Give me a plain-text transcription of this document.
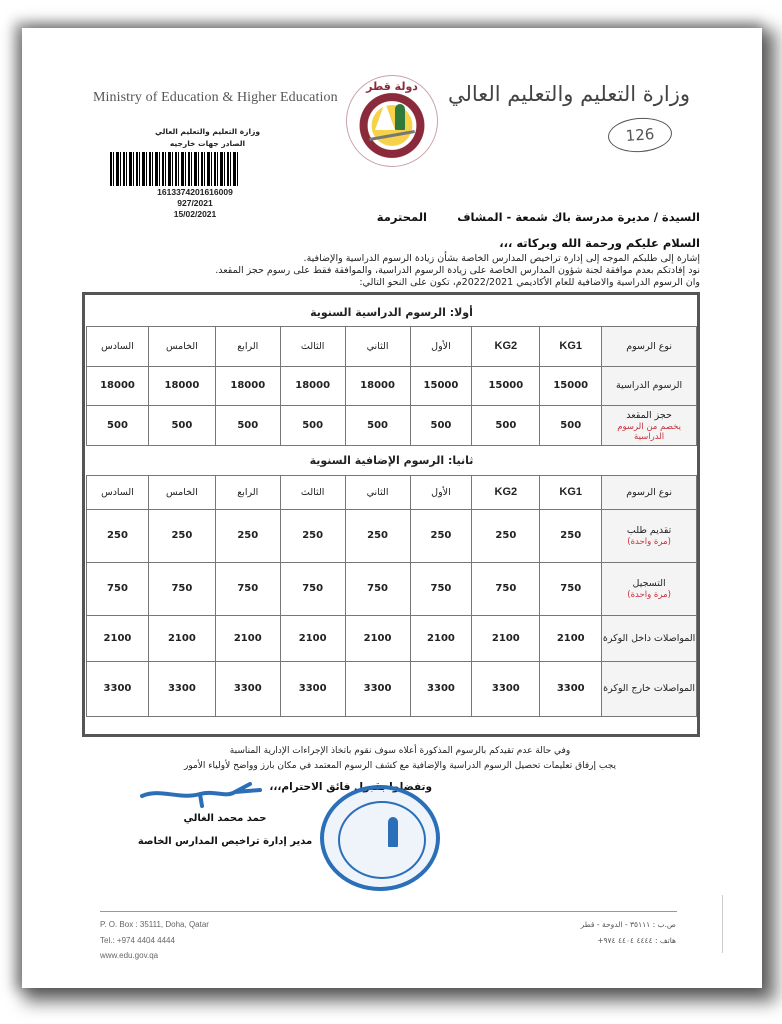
Ministry of Education & Higher Education	وزارة التعليم والتعليم العالي
126
دولة قطر
وزارة التعليم والتعليم العالي
الصادر جهات خارجيه
1613374201616009
927/2021
15/02/2021	السيدة / مديرة مدرسة باك شمعة - المشاف
المحترمة
السلام عليكم ورحمة الله وبركاته ،،،
إشارة إلى طلبكم الموجه إلى إدارة تراخيص المدارس الخاصة بشأن زيادة الرسوم الدراسية والإضافية.
نود إفادتكم بعدم موافقة لجنة شؤون المدارس الخاصة على زيادة الرسوم الدراسية، والموافقة فقط على رسوم حجز المقعد.
وان الرسوم الدراسية والاضافية للعام الأكاديمي 2022/2021م، تكون على النحو التالي:
أولا: الرسوم الدراسية السنوية								
نوع الرسوم	KG1	KG2	الأول	الثاني	الثالث	الرابع	الخامس	السادس
الرسوم الدراسية	15000	15000	15000	18000	18000	18000	18000	18000
حجز المقعد
يخصم من الرسوم الدراسية	500	500	500	500	500	500	500	500
ثانيا: الرسوم الإضافية السنوية								
نوع الرسوم	KG1	KG2	الأول	الثاني	الثالث	الرابع	الخامس	السادس
تقديم طلب
(مرة واحدة)	250	250	250	250	250	250	250	250
التسجيل
(مرة واحدة)	750	750	750	750	750	750	750	750
المواصلات داخل الوكرة	2100	2100	2100	2100	2100	2100	2100	2100
المواصلات خارج الوكرة	3300	3300	3300	3300	3300	3300	3300	3300
وفي حالة عدم تقيدكم بالرسوم المذكورة أعلاه سوف نقوم باتخاذ الإجراءات الإدارية المناسبة
يجب إرفاق تعليمات تحصيل الرسوم الدراسية والإضافية مع كشف الرسوم المعتمد في مكان بارز وواضح لأولياء الأمور
وتفضلوا بقبول فائق الاحترام،،،
حمد محمد الغالي
مدير إدارة تراخيص المدارس الخاصة
P. O. Box : 35111, Doha, Qatar
Tel.: +974 4404 4444
www.edu.gov.qa
ص.ب : ٣٥١١١ - الدوحة - قطر
هاتف : ٤٤٤٤ ٤٤٠٤ ٩٧٤+
